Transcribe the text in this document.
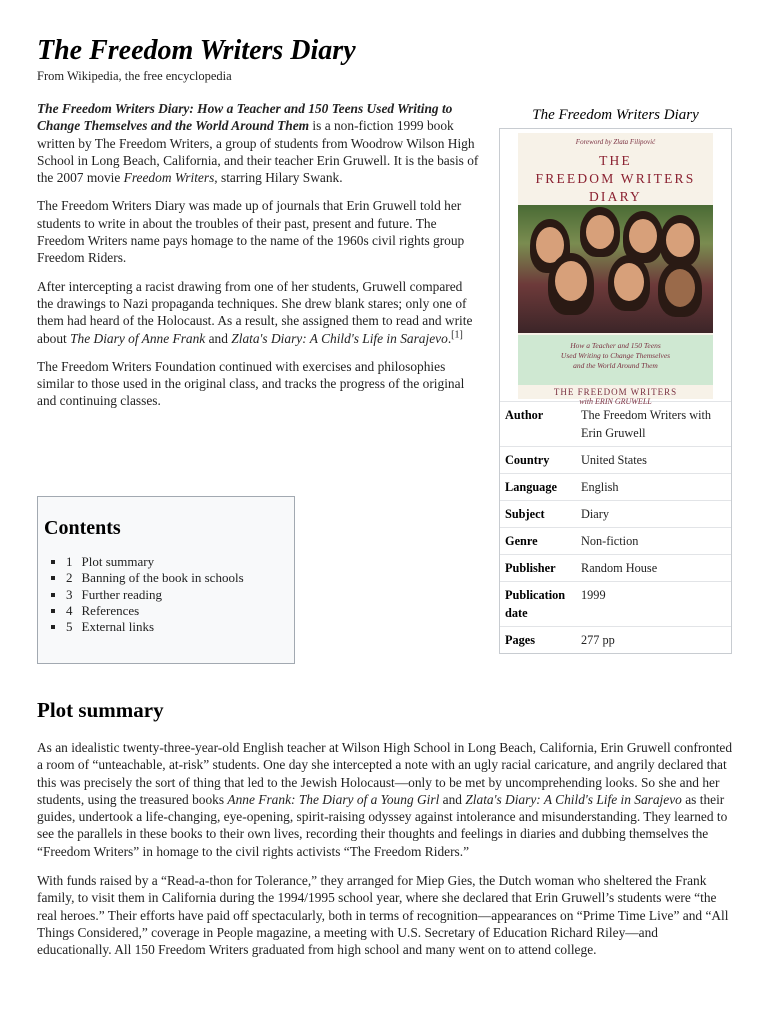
The Freedom Writers Diary
From Wikipedia, the free encyclopedia

The Freedom Writers Diary: How a Teacher and 150 Teens Used Writing to Change Themselves and the World Around Them is a non-fiction 1999 book written by The Freedom Writers, a group of students from Woodrow Wilson High School in Long Beach, California, and their teacher Erin Gruwell. It is the basis of the 2007 movie Freedom Writers, starring Hilary Swank.

The Freedom Writers Diary was made up of journals that Erin Gruwell told her students to write in about the troubles of their past, present and future. The Freedom Writers name pays homage to the name of the 1960s civil rights group Freedom Riders.

After intercepting a racist drawing from one of her students, Gruwell compared the drawings to Nazi propaganda techniques. She drew blank stares; only one of them had heard of the Holocaust. As a result, she assigned them to read and write about The Diary of Anne Frank and Zlata's Diary: A Child's Life in Sarajevo.[1]

The Freedom Writers Foundation continued with exercises and philosophies similar to those used in the original class, and tracks the progress of the original and continuing classes.

Contents
▪ 1 Plot summary
▪ 2 Banning of the book in schools
▪ 3 Further reading
▪ 4 References
▪ 5 External links
The Freedom Writers Diary
Foreword by Zlata Filipović
THE
FREEDOM WRITERS
DIARY
How a Teacher and 150 Teens
Used Writing to Change Themselves
and the World Around Them
THE FREEDOM WRITERS
with ERIN GRUWELL
Author	The Freedom Writers with Erin Gruwell
Country	United States
Language	English
Subject	Diary
Genre	Non-fiction
Publisher	Random House
Publication date	1999
Pages	277 pp
Plot summary

As an idealistic twenty-three-year-old English teacher at Wilson High School in Long Beach, California, Erin Gruwell confronted a room of “unteachable, at-risk” students. One day she intercepted a note with an ugly racial caricature, and angrily declared that this was precisely the sort of thing that led to the Jewish Holocaust—only to be met by uncomprehending looks. So she and her students, using the treasured books Anne Frank: The Diary of a Young Girl and Zlata's Diary: A Child's Life in Sarajevo as their guides, undertook a life-changing, eye-opening, spirit-raising odyssey against intolerance and misunderstanding. They learned to see the parallels in these books to their own lives, recording their thoughts and feelings in diaries and dubbing themselves the “Freedom Writers” in homage to the civil rights activists “The Freedom Riders.”

With funds raised by a “Read-a-thon for Tolerance,” they arranged for Miep Gies, the Dutch woman who sheltered the Frank family, to visit them in California during the 1994/1995 school year, where she declared that Erin Gruwell’s students were “the real heroes.” Their efforts have paid off spectacularly, both in terms of recognition—appearances on “Prime Time Live” and “All Things Considered,” coverage in People magazine, a meeting with U.S. Secretary of Education Richard Riley—and educationally. All 150 Freedom Writers graduated from high school and many went on to attend college.
